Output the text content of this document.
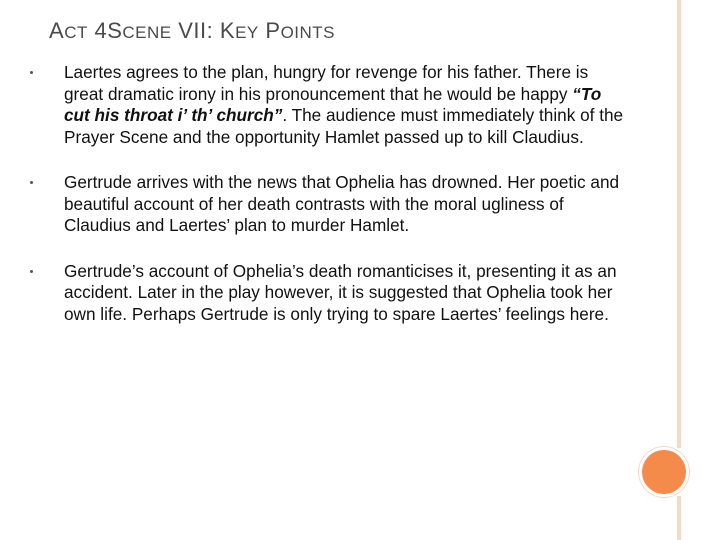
ACT 4SCENE VII: KEY POINTS
Laertes agrees to the plan, hungry for revenge for his father. There is great dramatic irony in his pronouncement that he would be happy “To cut his throat i’ th’ church”. The audience must immediately think of the Prayer Scene and the opportunity Hamlet passed up to kill Claudius.
Gertrude arrives with the news that Ophelia has drowned. Her poetic and beautiful account of her death contrasts with the moral ugliness of Claudius and Laertes’ plan to murder Hamlet.
Gertrude’s account of Ophelia’s death romanticises it, presenting it as an accident. Later in the play however, it is suggested that Ophelia took her own life. Perhaps Gertrude is only trying to spare Laertes’ feelings here.
